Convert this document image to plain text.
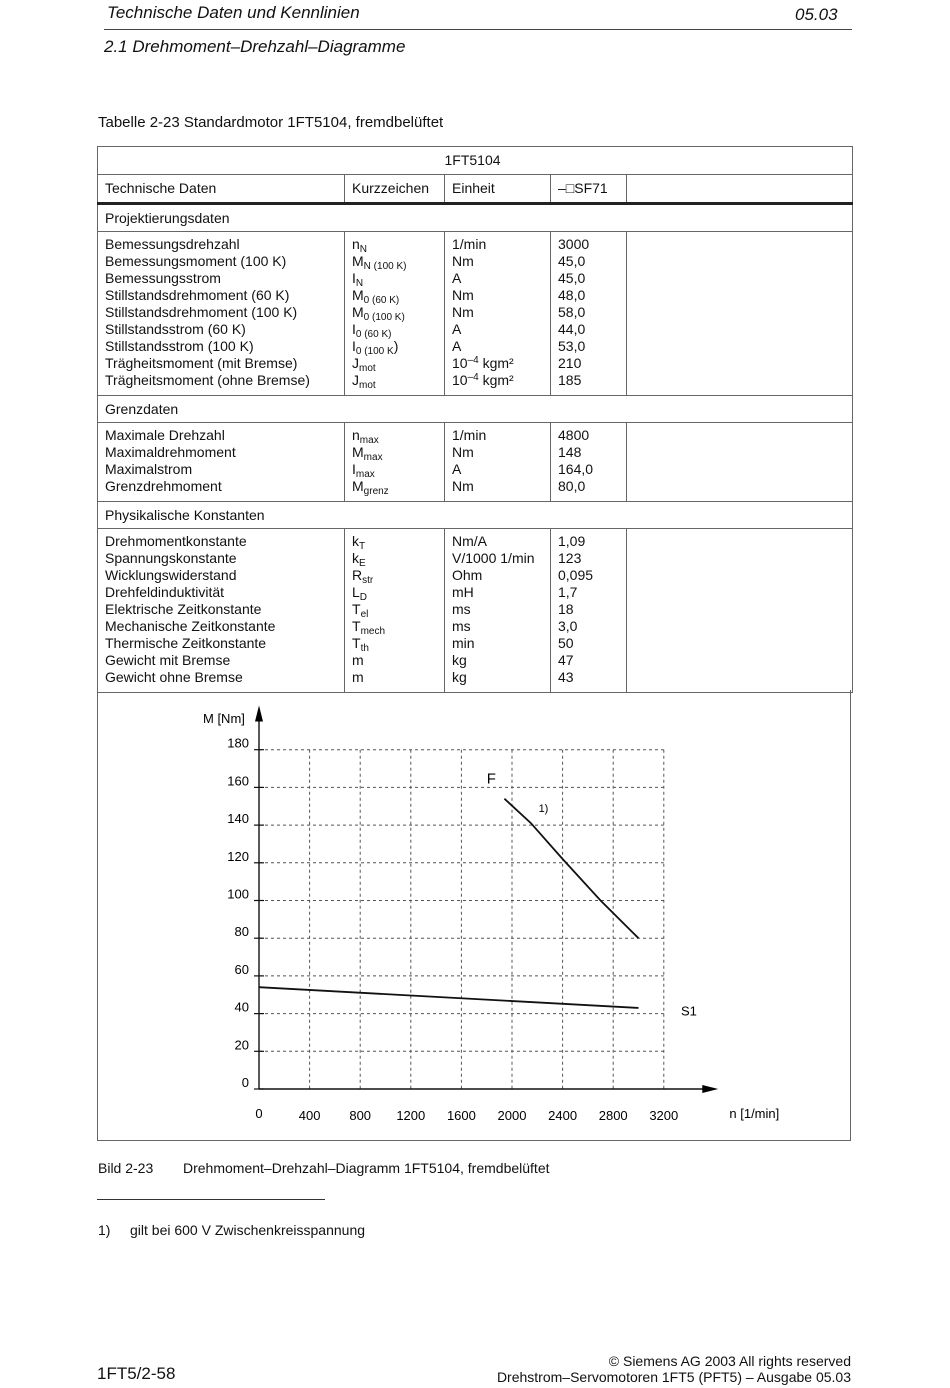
Technische Daten und Kennlinien	05.03
2.1 Drehmoment–Drehzahl–Diagramme
Tabelle 2-23 Standardmotor 1FT5104, fremdbelüftet
		1FT5104		
Technische Daten	Kurzzeichen	Einheit	–□SF71	
Projektierungsdaten				
Bemessungsdrehzahl	$n_N$	1/min	3000	
Bemessungsmoment (100 K)	$M_{N (100 K)}$	Nm	45,0	
Bemessungsstrom	$I_N$	A	45,0	
Stillstandsdrehmoment (60 K)	$M_{0 (60 K)}$	Nm	48,0	
Stillstandsdrehmoment (100 K)	$M_{0 (100 K)}$	Nm	58,0	
Stillstandsstrom (60 K)	$I_{0 (60 K)}$	A	44,0	
Stillstandsstrom (100 K)	$I_{0 (100 K}$)	A	53,0	
Trägheitsmoment (mit Bremse)	$J_{mot}$	$10^{-4}$ kgm²	210	
Trägheitsmoment (ohne Bremse)	$J_{mot}$	$10^{-4}$ kgm²	185	
Grenzdaten				
Maximale Drehzahl	$n_{max}$	1/min	4800	
Maximaldrehmoment	$M_{max}$	Nm	148	
Maximalstrom	$I_{max}$	A	164,0	
Grenzdrehmoment	$M_{grenz}$	Nm	80,0	
Physikalische Konstanten				
Drehmomentkonstante	$k_T$	Nm/A	1,09	
Spannungskonstante	$k_E$	V/1000 1/min	123	
Wicklungswiderstand	$R_{str}$	Ohm	0,095	
Drehfeldinduktivität	$L_D$	mH	1,7	
Elektrische Zeitkonstante	$T_{el}$	ms	18	
Mechanische Zeitkonstante	$T_{mech}$	ms	3,0	
Thermische Zeitkonstante	$T_{th}$	min	50	
Gewicht mit Bremse	m	kg	47	
Gewicht ohne Bremse	m	kg	43	
0
20
40
60
80
100
120
140
160
180
0	400 800 1200 1600 2000 2400 2800 3200
M [Nm]
n [1/min]
S1
F
1)
Bild 2-23 Drehmoment–Drehzahl–Diagramm 1FT5104, fremdbelüftet
1) gilt bei 600 V Zwischenkreisspannung
© Siemens AG 2003 All rights reserved
Drehstrom–Servomotoren 1FT5 (PFT5) – Ausgabe 05.03
1FT5/2-58
